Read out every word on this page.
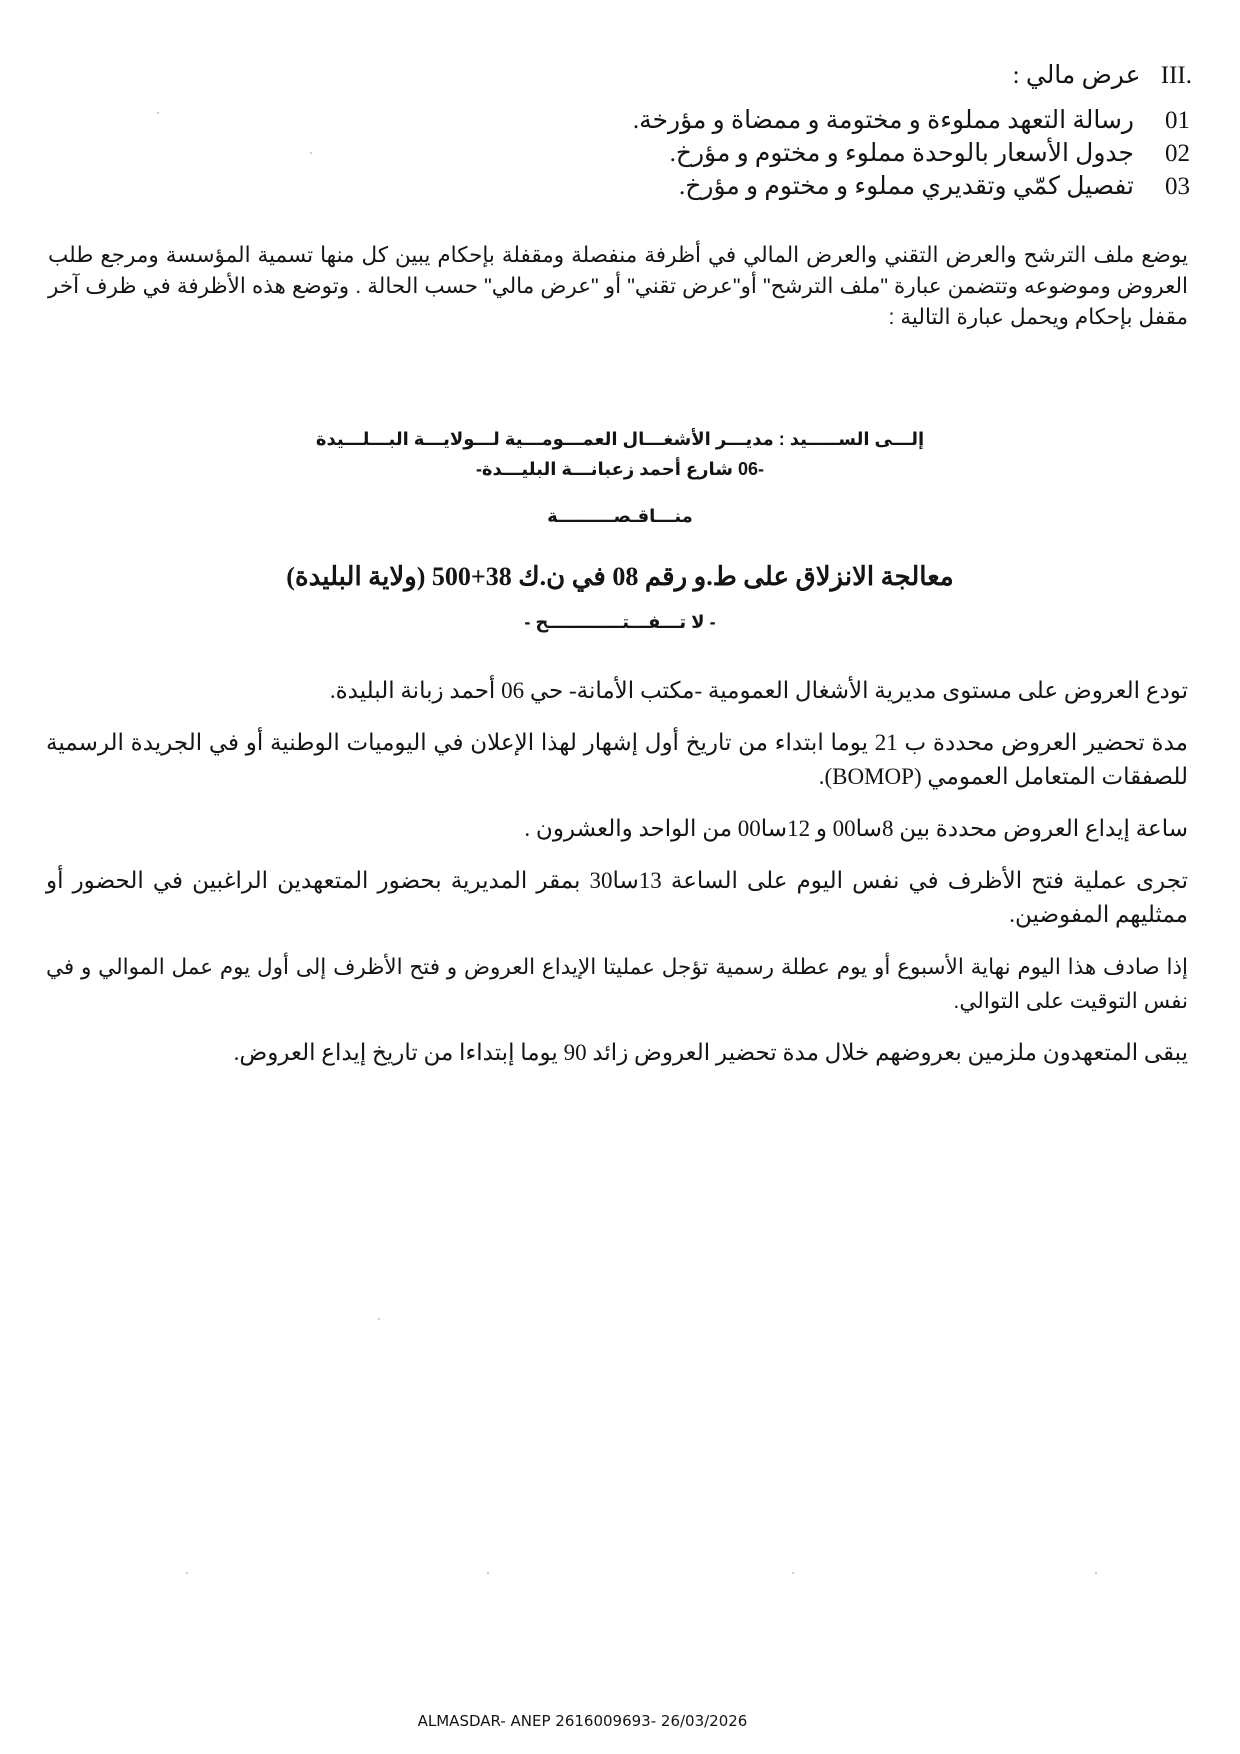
III. عرض مالي :
01رسالة التعهد مملوءة و مختومة و ممضاة و مؤرخة.
02جدول الأسعار بالوحدة مملوء و مختوم و مؤرخ.
03تفصيل كمّي وتقديري مملوء و مختوم و مؤرخ.
يوضع ملف الترشح والعرض التقني والعرض المالي في أظرفة منفصلة ومقفلة بإحكام يبين كل منها تسمية المؤسسة ومرجع طلب العروض وموضوعه وتتضمن عبارة "ملف الترشح" أو"عرض تقني" أو "عرض مالي" حسب الحالة . وتوضع هذه الأظرفة في ظرف آخر مقفل بإحكام ويحمل عبارة التالية :
إلـــى الســـــيد : مديـــر الأشغـــال العمـــومـــية لـــولايـــة البـــلـــيدة
-06 شارع أحمد زعبانـــة البليـــدة-
منـــاقـصـــــــــة
معالجة الانزلاق على ط.و رقم 08 في ن.ك 38+500 (ولاية البليدة)
- لا تـــفـــتــــــــــــح -

تودع العروض على مستوى مديرية الأشغال العمومية -مكتب الأمانة- حي 06 أحمد زبانة البليدة.

مدة تحضير العروض محددة ب 21 يوما ابتداء من تاريخ أول إشهار لهذا الإعلان في اليوميات الوطنية أو في الجريدة الرسمية للصفقات المتعامل العمومي (BOMOP).

ساعة إيداع العروض محددة بين 8سا00 و 12سا00 من الواحد والعشرون .

تجرى عملية فتح الأظرف في نفس اليوم على الساعة 13سا30 بمقر المديرية بحضور المتعهدين الراغبين في الحضور أو ممثليهم المفوضين.

إذا صادف هذا اليوم نهاية الأسبوع أو يوم عطلة رسمية تؤجل عمليتا الإيداع العروض و فتح الأظرف إلى أول يوم عمل الموالي و في نفس التوقيت على التوالي.

يبقى المتعهدون ملزمين بعروضهم خلال مدة تحضير العروض زائد 90 يوما إبتداءا من تاريخ إيداع العروض.

ALMASDAR- ANEP 2616009693- 26/03/2026
